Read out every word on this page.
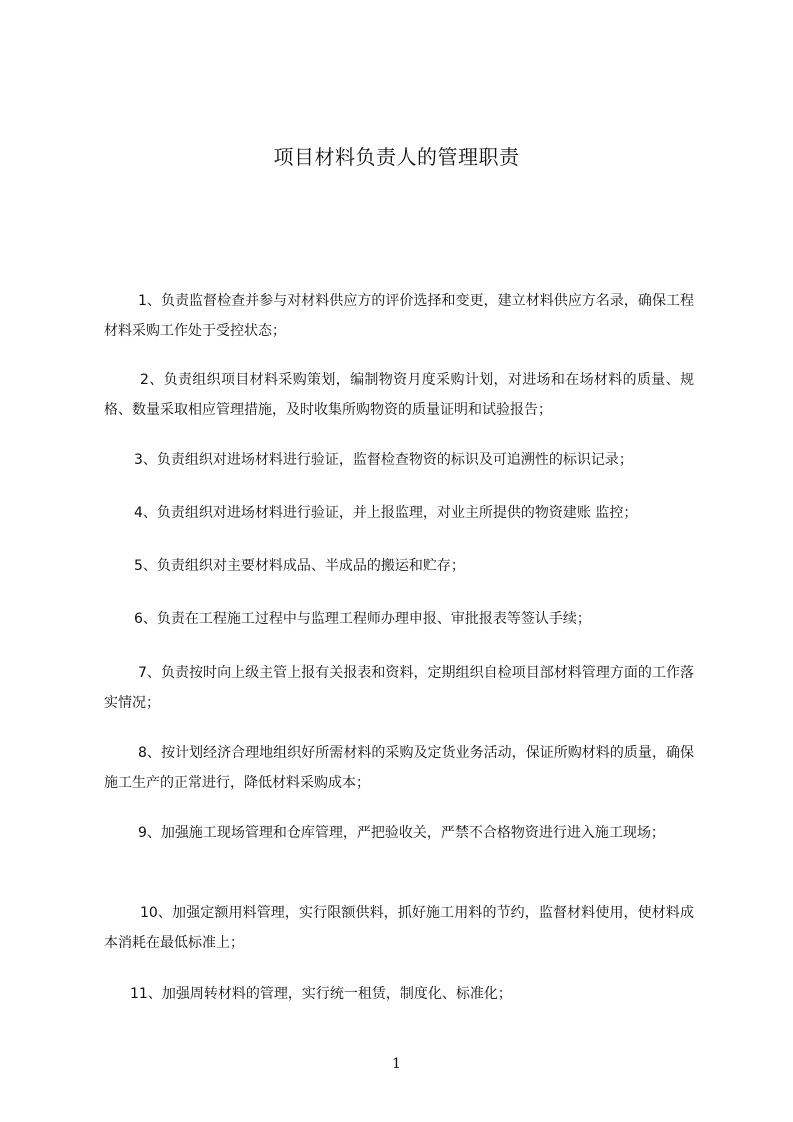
项目材料负责人的管理职责
1、负责监督检查并参与对材料供应方的评价选择和变更，建立材料供应方名录，确保工程材料采购工作处于受控状态；
2、负责组织项目材料采购策划，编制物资月度采购计划，对进场和在场材料的质量、规格、数量采取相应管理措施，及时收集所购物资的质量证明和试验报告；
3、负责组织对进场材料进行验证，监督检查物资的标识及可追溯性的标识记录；
4、负责组织对进场材料进行验证，并上报监理，对业主所提供的物资建账 监控；
5、负责组织对主要材料成品、半成品的搬运和贮存；
6、负责在工程施工过程中与监理工程师办理申报、审批报表等签认手续；
7、负责按时向上级主管上报有关报表和资料，定期组织自检项目部材料管理方面的工作落实情况；
8、按计划经济合理地组织好所需材料的采购及定货业务活动，保证所购材料的质量，确保施工生产的正常进行，降低材料采购成本；
9、加强施工现场管理和仓库管理，严把验收关，严禁不合格物资进行进入施工现场；
10、加强定额用料管理，实行限额供料，抓好施工用料的节约，监督材料使用，使材料成本消耗在最低标准上；
11、加强周转材料的管理，实行统一租赁，制度化、标准化；
1
